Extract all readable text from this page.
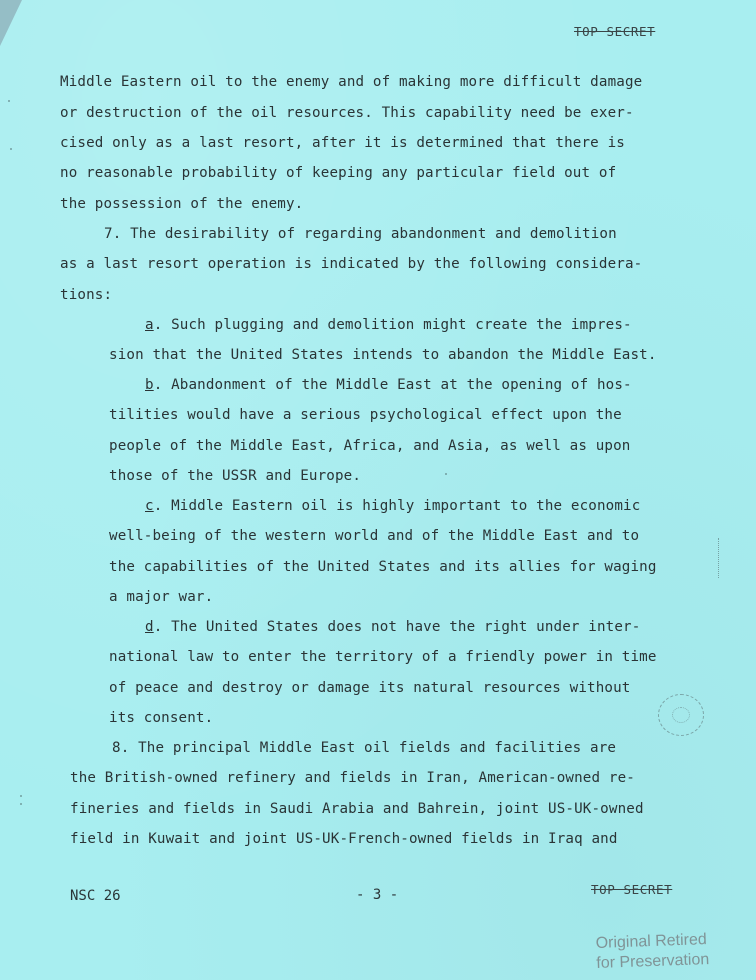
TOP SECRET
Middle Eastern oil to the enemy and of making more difficult damage
or destruction of the oil resources. This capability need be exer-
cised only as a last resort, after it is determined that there is
no reasonable probability of keeping any particular field out of
the possession of the enemy.
7. The desirability of regarding abandonment and demolition
as a last resort operation is indicated by the following considera-
tions:
a. Such plugging and demolition might create the impres-
sion that the United States intends to abandon the Middle East.
b. Abandonment of the Middle East at the opening of hos-
tilities would have a serious psychological effect upon the
people of the Middle East, Africa, and Asia, as well as upon
those of the USSR and Europe.
c. Middle Eastern oil is highly important to the economic
well-being of the western world and of the Middle East and to
the capabilities of the United States and its allies for waging
a major war.
d. The United States does not have the right under inter-
national law to enter the territory of a friendly power in time
of peace and destroy or damage its natural resources without
its consent.
8. The principal Middle East oil fields and facilities are
the British-owned refinery and fields in Iran, American-owned re-
fineries and fields in Saudi Arabia and Bahrein, joint US-UK-owned
field in Kuwait and joint US-UK-French-owned fields in Iraq and
NSC 26	- 3 -	TOP SECRET
Original Retired
for Preservation
